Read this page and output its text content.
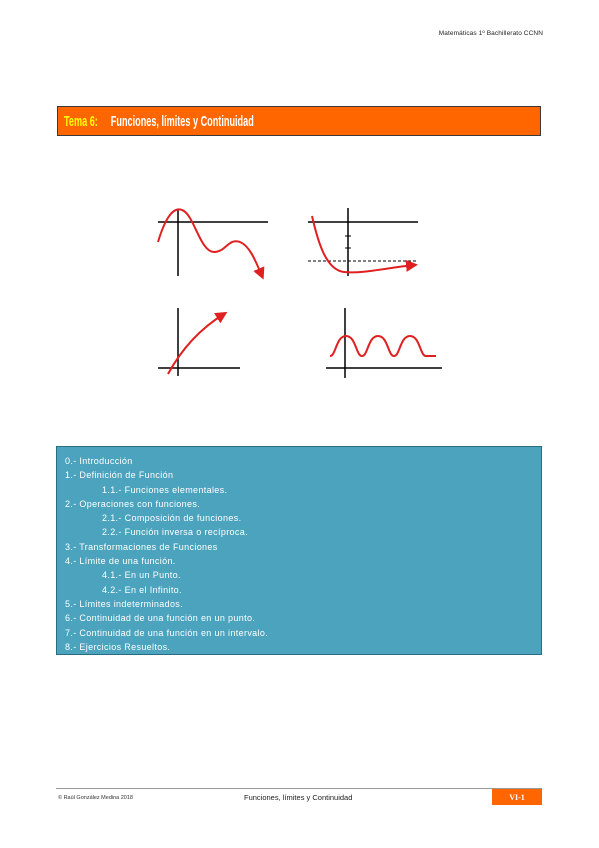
Matemáticas 1º Bachillerato CCNN
Tema 6: Funciones, límites y Continuidad
0.- Introducción
1.- Definición de Función
1.1.- Funciones elementales.
2.- Operaciones con funciones.
2.1.- Composición de funciones.
2.2.- Función inversa o recíproca.
3.- Transformaciones de Funciones
4.- Límite de una función.
4.1.- En un Punto.
4.2.- En el Infinito.
5.- Límites indeterminados.
6.- Continuidad de una función en un punto.
7.- Continuidad de una función en un intervalo.
8.- Ejercicios Resueltos.
© Raúl González Medina 2018	Funciones, límites y Continuidad	VI-1
